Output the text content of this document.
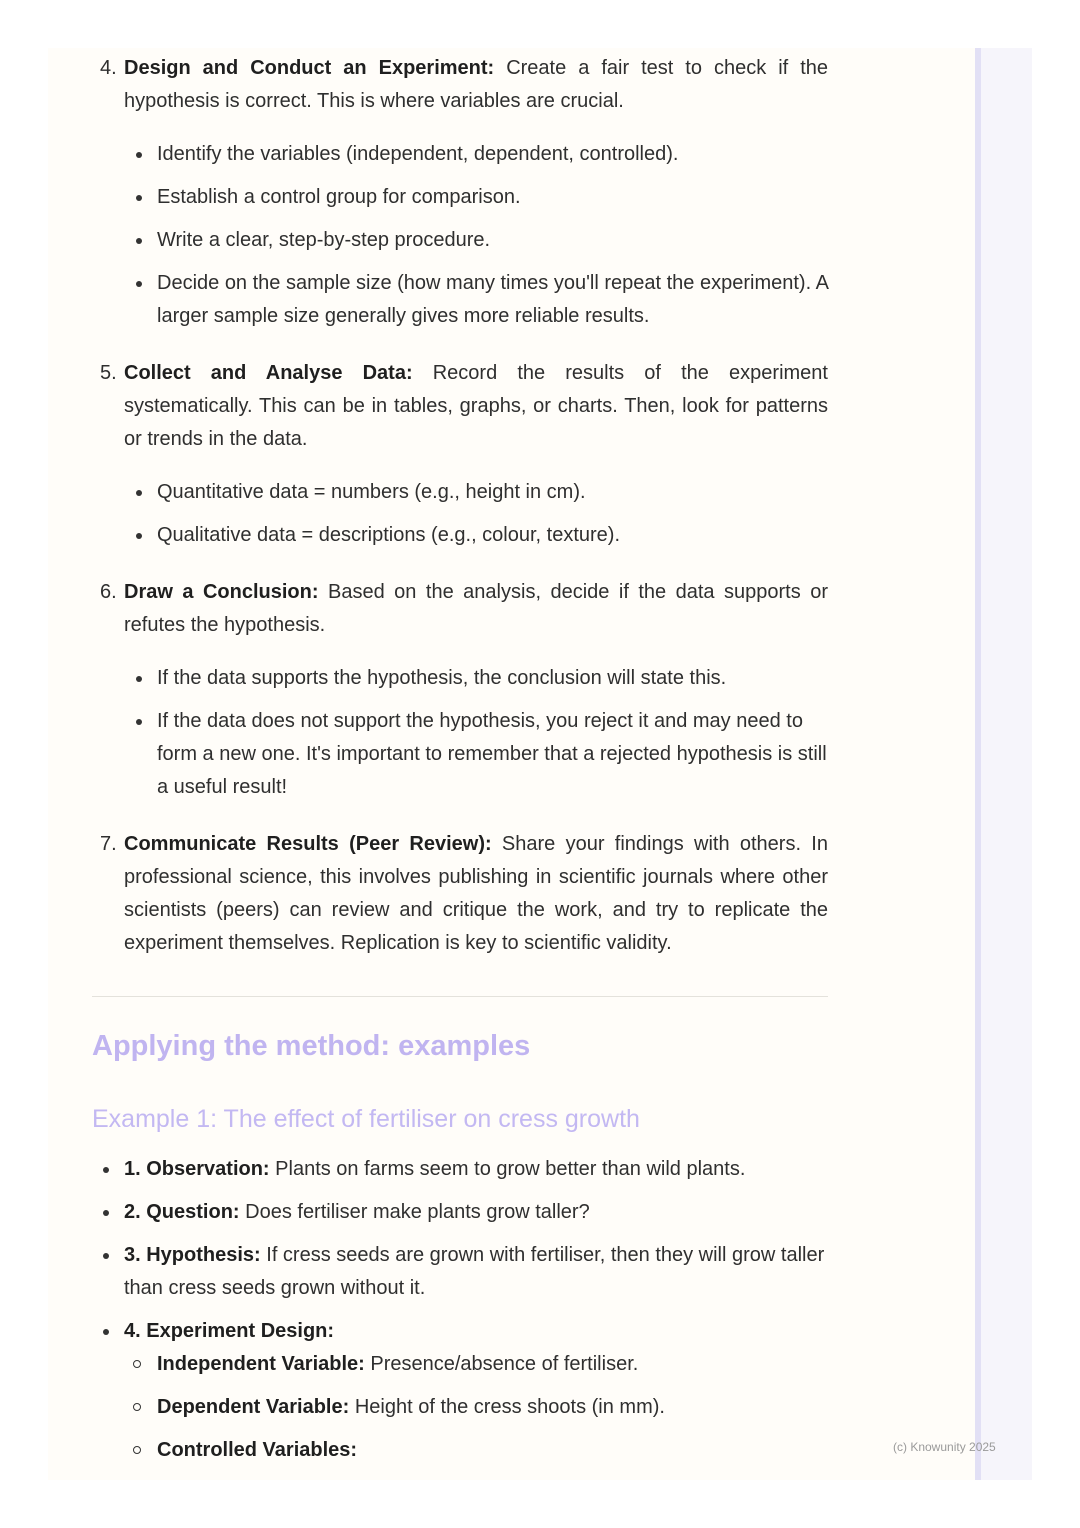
4. Design and Conduct an Experiment: Create a fair test to check if the hypothesis is correct. This is where variables are crucial.
Identify the variables (independent, dependent, controlled).
Establish a control group for comparison.
Write a clear, step-by-step procedure.
Decide on the sample size (how many times you'll repeat the experiment). A larger sample size generally gives more reliable results.
5. Collect and Analyse Data: Record the results of the experiment systematically. This can be in tables, graphs, or charts. Then, look for patterns or trends in the data.
Quantitative data = numbers (e.g., height in cm).
Qualitative data = descriptions (e.g., colour, texture).
6. Draw a Conclusion: Based on the analysis, decide if the data supports or refutes the hypothesis.
If the data supports the hypothesis, the conclusion will state this.
If the data does not support the hypothesis, you reject it and may need to form a new one. It's important to remember that a rejected hypothesis is still a useful result!
7. Communicate Results (Peer Review): Share your findings with others. In professional science, this involves publishing in scientific journals where other scientists (peers) can review and critique the work, and try to replicate the experiment themselves. Replication is key to scientific validity.
Applying the method: examples
Example 1: The effect of fertiliser on cress growth
1. Observation: Plants on farms seem to grow better than wild plants.
2. Question: Does fertiliser make plants grow taller?
3. Hypothesis: If cress seeds are grown with fertiliser, then they will grow taller than cress seeds grown without it.
4. Experiment Design:
Independent Variable: Presence/absence of fertiliser.
Dependent Variable: Height of the cress shoots (in mm).
Controlled Variables:	(c) Knowunity 2025
